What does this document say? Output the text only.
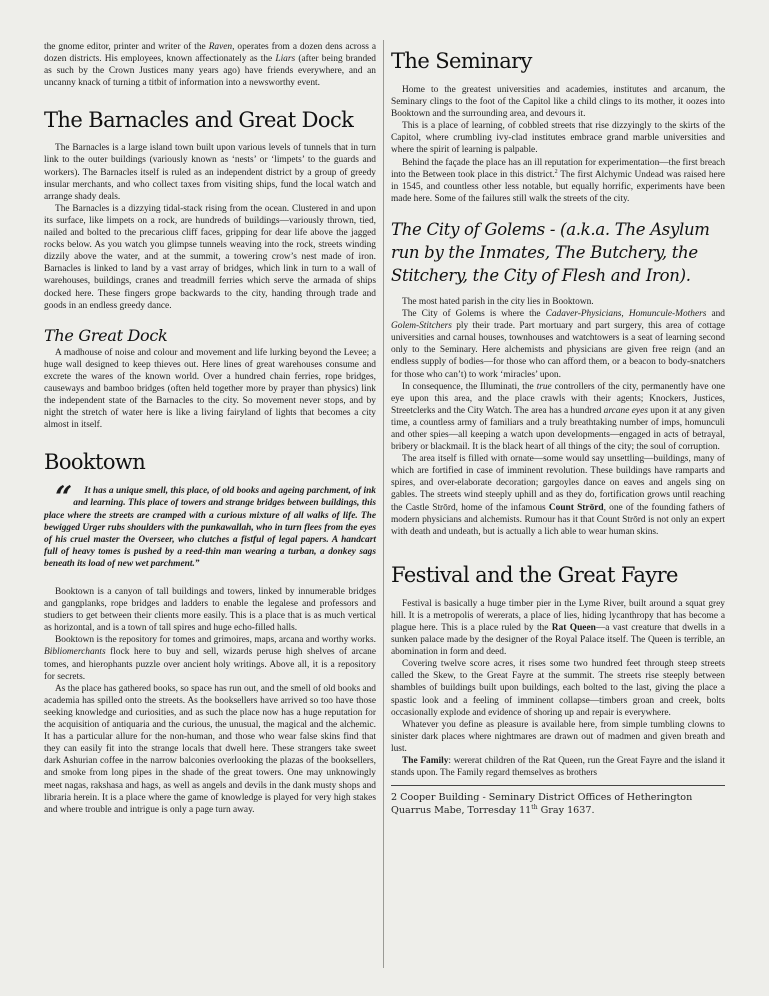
the gnome editor, printer and writer of the Raven, operates from a dozen dens across a dozen districts. His employees, known affectionately as the Liars (after being branded as such by the Crown Justices many years ago) have friends everywhere, and an uncanny knack of turning a titbit of information into a newsworthy event.

The Barnacles and Great Dock

The Barnacles is a large island town built upon various levels of tunnels that in turn link to the outer buildings (variously known as ‘nests’ or ‘limpets’ to the guards and workers). The Barnacles itself is ruled as an independent district by a group of greedy insular merchants, and who collect taxes from visiting ships, fund the local watch and arrange shady deals.

The Barnacles is a dizzying tidal-stack rising from the ocean. Clustered in and upon its surface, like limpets on a rock, are hundreds of buildings—variously thrown, tied, nailed and bolted to the precarious cliff faces, gripping for dear life above the jagged rocks below. As you watch you glimpse tunnels weaving into the rock, streets winding dizzily above the water, and at the summit, a towering crow’s nest made of iron. Barnacles is linked to land by a vast array of bridges, which link in turn to a wall of warehouses, buildings, cranes and treadmill ferries which serve the armada of ships docked here. These fingers grope backwards to the city, handing through trade and goods in an endless greedy dance.

The Great Dock

A madhouse of noise and colour and movement and life lurking beyond the Levee; a huge wall designed to keep thieves out. Here lines of great warehouses consume and excrete the wares of the known world. Over a hundred chain ferries, rope bridges, causeways and bamboo bridges (often held together more by prayer than physics) link the independent state of the Barnacles to the city. So movement never stops, and by night the stretch of water here is like a living fairyland of lights that becomes a city almost in itself.

Booktown

“ It has a unique smell, this place, of old books and ageing parchment, of ink and learning. This place of towers and strange bridges between buildings, this place where the streets are cramped with a curious mixture of all walks of life. The bewigged Urger rubs shoulders with the punkawallah, who in turn flees from the eyes of his cruel master the Overseer, who clutches a fistful of legal papers. A handcart full of heavy tomes is pushed by a reed-thin man wearing a turban, a donkey sags beneath its load of new wet parchment.”

Booktown is a canyon of tall buildings and towers, linked by innumerable bridges and gangplanks, rope bridges and ladders to enable the legalese and professors and studiers to get between their clients more easily. This is a place that is as much vertical as horizontal, and is a town of tall spires and huge echo-filled halls.

Booktown is the repository for tomes and grimoires, maps, arcana and worthy works. Bibliomerchants flock here to buy and sell, wizards peruse high shelves of arcane tomes, and hierophants puzzle over ancient holy writings. Above all, it is a repository for secrets.

As the place has gathered books, so space has run out, and the smell of old books and academia has spilled onto the streets. As the booksellers have arrived so too have those seeking knowledge and curiosities, and as such the place now has a huge reputation for the acquisition of antiquaria and the curious, the unusual, the magical and the alchemic. It has a particular allure for the non-human, and those who wear false skins find that they can easily fit into the strange locals that dwell here. These strangers take sweet dark Ashurian coffee in the narrow balconies overlooking the plazas of the booksellers, and smoke from long pipes in the shade of the great towers. One may unknowingly meet nagas, rakshasa and hags, as well as angels and devils in the dank musty shops and libraria herein. It is a place where the game of knowledge is played for very high stakes and where trouble and intrigue is only a page turn away.

The Seminary

Home to the greatest universities and academies, institutes and arcanum, the Seminary clings to the foot of the Capitol like a child clings to its mother, it oozes into Booktown and the surrounding area, and devours it.

This is a place of learning, of cobbled streets that rise dizzyingly to the skirts of the Capitol, where crumbling ivy-clad institutes embrace grand marble universities and where the spirit of learning is palpable.

Behind the façade the place has an ill reputation for experimentation—the first breach into the Between took place in this district.$^2$ The first Alchymic Undead was raised here in 1545, and countless other less notable, but equally horrific, experiments have been made here. Some of the failures still walk the streets of the city.

The City of Golems - (a.k.a. The Asylum run by the Inmates, The Butchery, the Stitchery, the City of Flesh and Iron).

The most hated parish in the city lies in Booktown.

The City of Golems is where the Cadaver-Physicians, Homuncule-Mothers and Golem-Stitchers ply their trade. Part mortuary and part surgery, this area of cottage universities and carnal houses, townhouses and watchtowers is a seat of learning second only to the Seminary. Here alchemists and physicians are given free reign (and an endless supply of bodies—for those who can afford them, or a beacon to body-snatchers for those who can’t) to work ‘miracles’ upon.

In consequence, the Illuminati, the true controllers of the city, permanently have one eye upon this area, and the place crawls with their agents; Knockers, Justices, Streetclerks and the City Watch. The area has a hundred arcane eyes upon it at any given time, a countless army of familiars and a truly breathtaking number of imps, homunculi and other spies—all keeping a watch upon developments—engaged in acts of betrayal, bribery or blackmail. It is the black heart of all things of the city; the soul of corruption.

The area itself is filled with ornate—some would say unsettling—buildings, many of which are fortified in case of imminent revolution. These buildings have ramparts and spires, and over-elaborate decoration; gargoyles dance on eaves and angels sing on gables. The streets wind steeply uphill and as they do, fortification grows until reaching the Castle Strōrd, home of the infamous Count Strōrd, one of the founding fathers of modern physicians and alchemists. Rumour has it that Count Strōrd is not only an expert with death and undeath, but is actually a lich able to wear human skins.

Festival and the Great Fayre

Festival is basically a huge timber pier in the Lyme River, built around a squat grey hill. It is a metropolis of wererats, a place of lies, hiding lycanthropy that has become a plague here. This is a place ruled by the Rat Queen—a vast creature that dwells in a sunken palace made by the designer of the Royal Palace itself. The Queen is terrible, an abomination in form and deed.

Covering twelve score acres, it rises some two hundred feet through steep streets called the Skew, to the Great Fayre at the summit. The streets rise steeply between shambles of buildings built upon buildings, each bolted to the last, giving the place a spastic look and a feeling of imminent collapse—timbers groan and creek, bolts occasionally explode and evidence of shoring up and repair is everywhere.

Whatever you define as pleasure is available here, from simple tumbling clowns to sinister dark places where nightmares are drawn out of madmen and given breath and lust.

The Family: wererat children of the Rat Queen, run the Great Fayre and the island it stands upon. The Family regard themselves as brothers

2 Cooper Building - Seminary District Offices of Hetherington
Quarrus Mabe, Torresday 11th Gray 1637.
